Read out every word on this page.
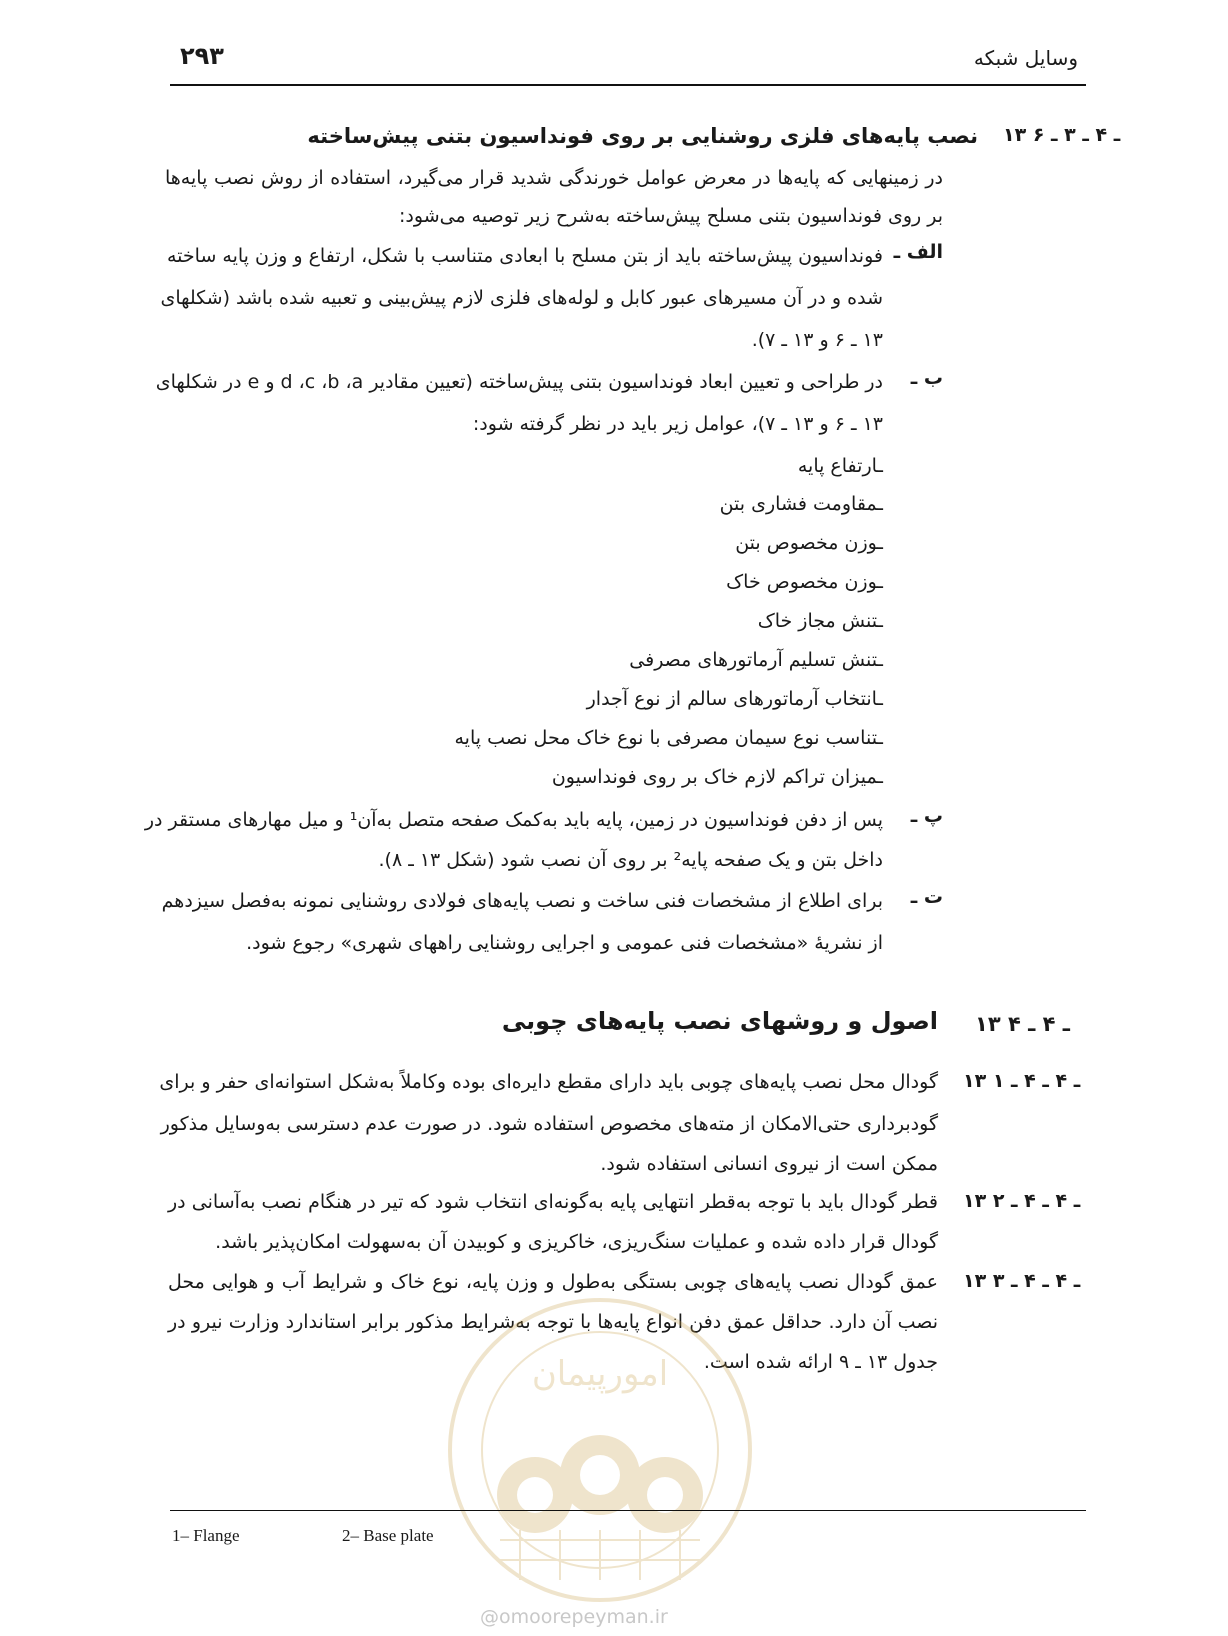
۲۹۳	وسایل شبکه
۱۳ ـ ۴ ـ ۳ ـ ۶
نصب پایه‌های فلزی روشنایی بر روی فونداسیون بتنی پیش‌ساخته
در زمینهایی که پایه‌ها در معرض عوامل خورندگی شدید قرار می‌گیرد، استفاده از روش نصب پایه‌ها
بر روی فونداسیون بتنی مسلح پیش‌ساخته به‌شرح زیر توصیه می‌شود:
الف ـ
فونداسیون پیش‌ساخته باید از بتن مسلح با ابعادی متناسب با شکل، ارتفاع و وزن پایه ساخته
شده و در آن مسیرهای عبور کابل و لوله‌های فلزی لازم پیش‌بینی و تعبیه شده باشد (شکلهای
۱۳ ـ ۶ و ۱۳ ـ ۷).
ب ـ
در طراحی و تعیین ابعاد فونداسیون بتنی پیش‌ساخته (تعیین مقادیر d ،c ،b ،a و e در شکلهای
۱۳ ـ ۶ و ۱۳ ـ ۷)، عوامل زیر باید در نظر گرفته شود:
ـارتفاع پایه
ـمقاومت فشاری بتن
ـوزن مخصوص بتن
ـوزن مخصوص خاک
ـتنش مجاز خاک
ـتنش تسلیم آرماتورهای مصرفی
ـانتخاب آرماتورهای سالم از نوع آجدار
ـتناسب نوع سیمان مصرفی با نوع خاک محل نصب پایه
ـمیزان تراکم لازم خاک بر روی فونداسیون
پ ـ
پس از دفن فونداسیون در زمین، پایه باید به‌کمک صفحه متصل به‌آن¹ و میل مهارهای مستقر در
داخل بتن و یک صفحه پایه² بر روی آن نصب شود (شکل ۱۳ ـ ۸).
ت ـ
برای اطلاع از مشخصات فنی ساخت و نصب پایه‌های فولادی روشنایی نمونه به‌فصل سیزدهم
از نشریهٔ «مشخصات فنی عمومی و اجرایی روشنایی راههای شهری» رجوع شود.
۱۳ ـ ۴ ـ ۴
اصول و روشهای نصب پایه‌های چوبی
۱۳ ـ ۴ ـ ۴ ـ ۱
گودال محل نصب پایه‌های چوبی باید دارای مقطع دایره‌ای بوده وکاملاً به‌شکل استوانه‌ای حفر و برای
گودبرداری حتی‌الامکان از مته‌های مخصوص استفاده شود. در صورت عدم دسترسی به‌وسایل مذکور
ممکن است از نیروی انسانی استفاده شود.
۱۳ ـ ۴ ـ ۴ ـ ۲
قطر گودال باید با توجه به‌قطر انتهایی پایه به‌گونه‌ای انتخاب شود که تیر در هنگام نصب به‌آسانی در
گودال قرار داده شده و عملیات سنگ‌ریزی، خاکریزی و کوبیدن آن به‌سهولت امکان‌پذیر باشد.
۱۳ ـ ۴ ـ ۴ ـ ۳
عمق گودال نصب پایه‌های چوبی بستگی به‌طول و وزن پایه، نوع خاک و شرایط آب و هوایی محل
نصب آن دارد. حداقل عمق دفن انواع پایه‌ها با توجه به‌شرایط مذکور برابر استاندارد وزارت نیرو در
جدول ۱۳ ـ ۹ ارائه شده است.
امورپیمان
@omoorepeyman.ir
1– Flange	2– Base plate
